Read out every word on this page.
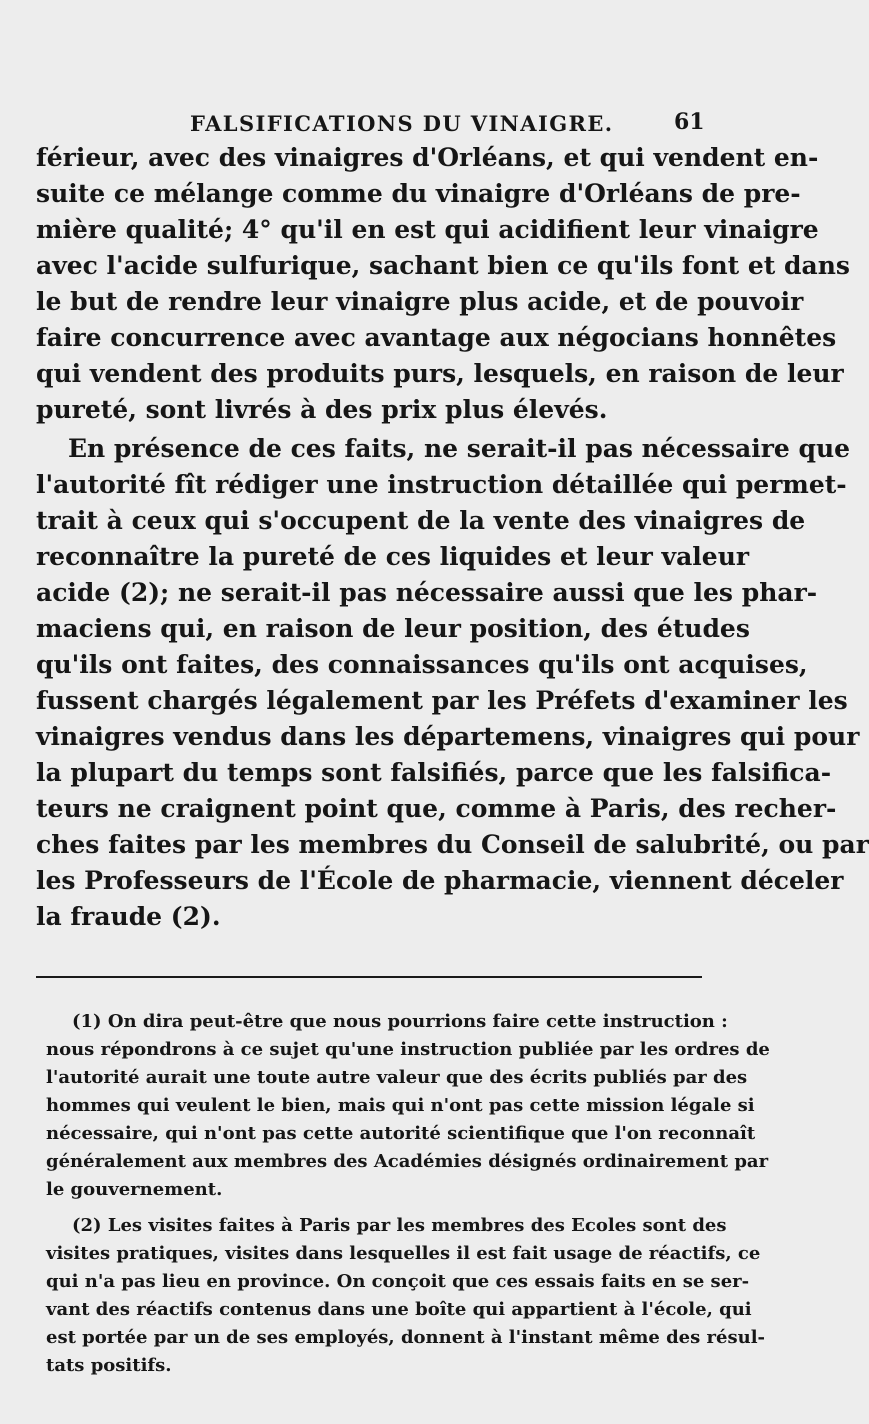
FALSIFICATIONS DU VINAIGRE.	61
férieur, avec des vinaigres d'Orléans, et qui vendent en-
suite ce mélange comme du vinaigre d'Orléans de pre-
mière qualité; 4° qu'il en est qui acidifient leur vinaigre
avec l'acide sulfurique, sachant bien ce qu'ils font et dans
le but de rendre leur vinaigre plus acide, et de pouvoir
faire concurrence avec avantage aux négocians honnêtes
qui vendent des produits purs, lesquels, en raison de leur
pureté, sont livrés à des prix plus élevés.
En présence de ces faits, ne serait-il pas nécessaire que
l'autorité fît rédiger une instruction détaillée qui permet-
trait à ceux qui s'occupent de la vente des vinaigres de
reconnaître la pureté de ces liquides et leur valeur
acide (2); ne serait-il pas nécessaire aussi que les phar-
maciens qui, en raison de leur position, des études
qu'ils ont faites, des connaissances qu'ils ont acquises,
fussent chargés légalement par les Préfets d'examiner les
vinaigres vendus dans les départemens, vinaigres qui pour
la plupart du temps sont falsifiés, parce que les falsifica-
teurs ne craignent point que, comme à Paris, des recher-
ches faites par les membres du Conseil de salubrité, ou par
les Professeurs de l'École de pharmacie, viennent déceler
la fraude (2).
(1) On dira peut-être que nous pourrions faire cette instruction :
nous répondrons à ce sujet qu'une instruction publiée par les ordres de
l'autorité aurait une toute autre valeur que des écrits publiés par des
hommes qui veulent le bien, mais qui n'ont pas cette mission légale si
nécessaire, qui n'ont pas cette autorité scientifique que l'on reconnaît
généralement aux membres des Académies désignés ordinairement par
le gouvernement.
(2) Les visites faites à Paris par les membres des Ecoles sont des
visites pratiques, visites dans lesquelles il est fait usage de réactifs, ce
qui n'a pas lieu en province. On conçoit que ces essais faits en se ser-
vant des réactifs contenus dans une boîte qui appartient à l'école, qui
est portée par un de ses employés, donnent à l'instant même des résul-
tats positifs.
